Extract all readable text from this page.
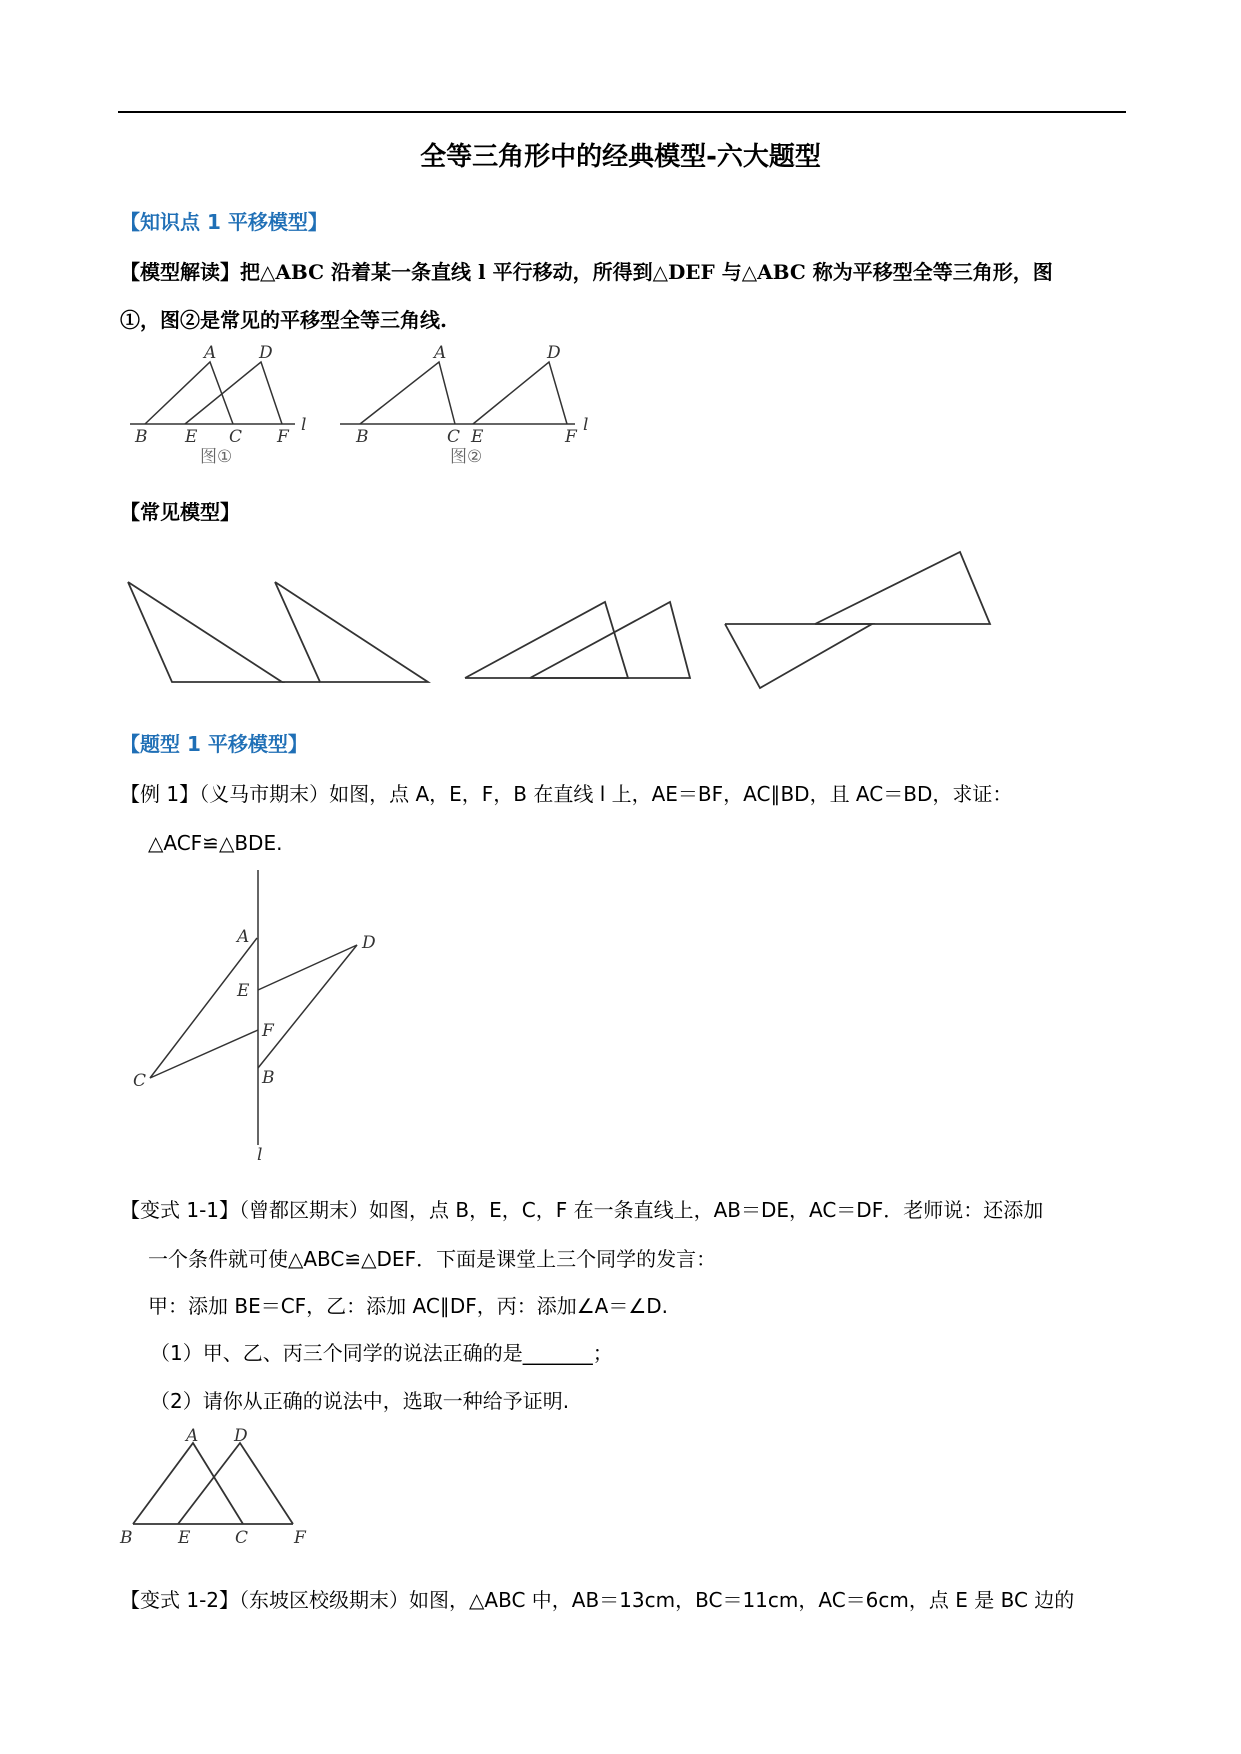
全等三角形中的经典模型-六大题型
【知识点 1 平移模型】
【模型解读】把△ABC 沿着某一条直线 l 平行移动，所得到△DEF 与△ABC 称为平移型全等三角形，图
①，图②是常见的平移型全等三角线.
A	D
B E C F
l
图①
A	D
B	C E	F
l
图②
【常见模型】
【题型 1 平移模型】
【例 1】（义马市期末）如图，点 A，E，F，B 在直线 l 上，AE＝BF，AC∥BD，且 AC＝BD，求证：
△ACF≌△BDE.
A	D
E
F
C	B
l
【变式 1-1】（曾都区期末）如图，点 B，E，C，F 在一条直线上，AB＝DE，AC＝DF．老师说：还添加
一个条件就可使△ABC≌△DEF．下面是课堂上三个同学的发言：
甲：添加 BE＝CF，乙：添加 AC∥DF，丙：添加∠A＝∠D.
（1）甲、乙、丙三个同学的说法正确的是_______；
（2）请你从正确的说法中，选取一种给予证明.
A D
B	E	C	F
【变式 1-2】（东坡区校级期末）如图，△ABC 中，AB＝13cm，BC＝11cm，AC＝6cm，点 E 是 BC 边的
